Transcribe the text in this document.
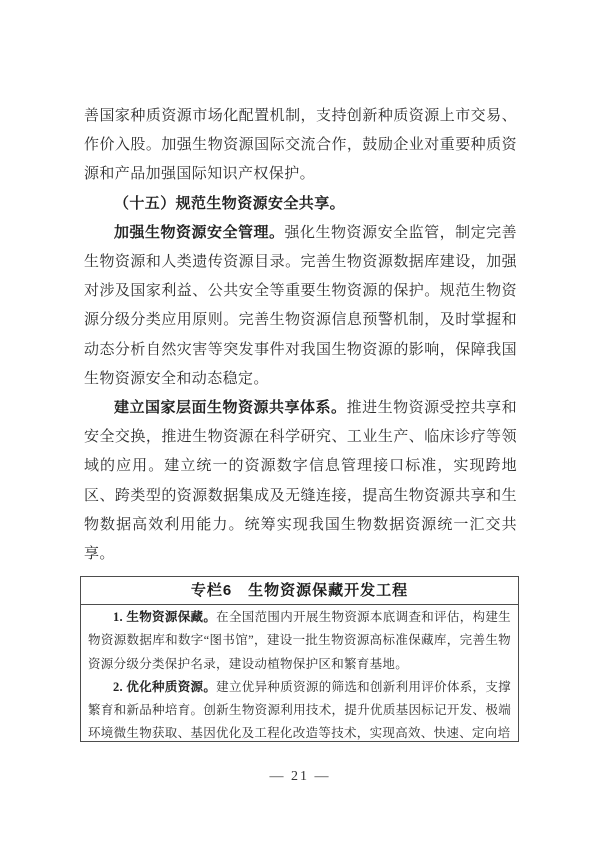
善国家种质资源市场化配置机制，支持创新种质资源上市交易、作价入股。加强生物资源国际交流合作，鼓励企业对重要种质资源和产品加强国际知识产权保护。

（十五）规范生物资源安全共享。

加强生物资源安全管理。强化生物资源安全监管，制定完善生物资源和人类遗传资源目录。完善生物资源数据库建设，加强对涉及国家利益、公共安全等重要生物资源的保护。规范生物资源分级分类应用原则。完善生物资源信息预警机制，及时掌握和动态分析自然灾害等突发事件对我国生物资源的影响，保障我国生物资源安全和动态稳定。

建立国家层面生物资源共享体系。推进生物资源受控共享和安全交换，推进生物资源在科学研究、工业生产、临床诊疗等领域的应用。建立统一的资源数字信息管理接口标准，实现跨地区、跨类型的资源数据集成及无缝连接，提高生物资源共享和生物数据高效利用能力。统筹实现我国生物数据资源统一汇交共享。

专栏6　生物资源保藏开发工程

1. 生物资源保藏。在全国范围内开展生物资源本底调查和评估，构建生物资源数据库和数字“图书馆”，建设一批生物资源高标准保藏库，完善生物资源分级分类保护名录，建设动植物保护区和繁育基地。

2. 优化种质资源。建立优异种质资源的筛选和创新利用评价体系，支撑繁育和新品种培育。创新生物资源利用技术，提升优质基因标记开发、极端环境微生物获取、基因优化及工程化改造等技术，实现高效、快速、定向培

— 21 —
